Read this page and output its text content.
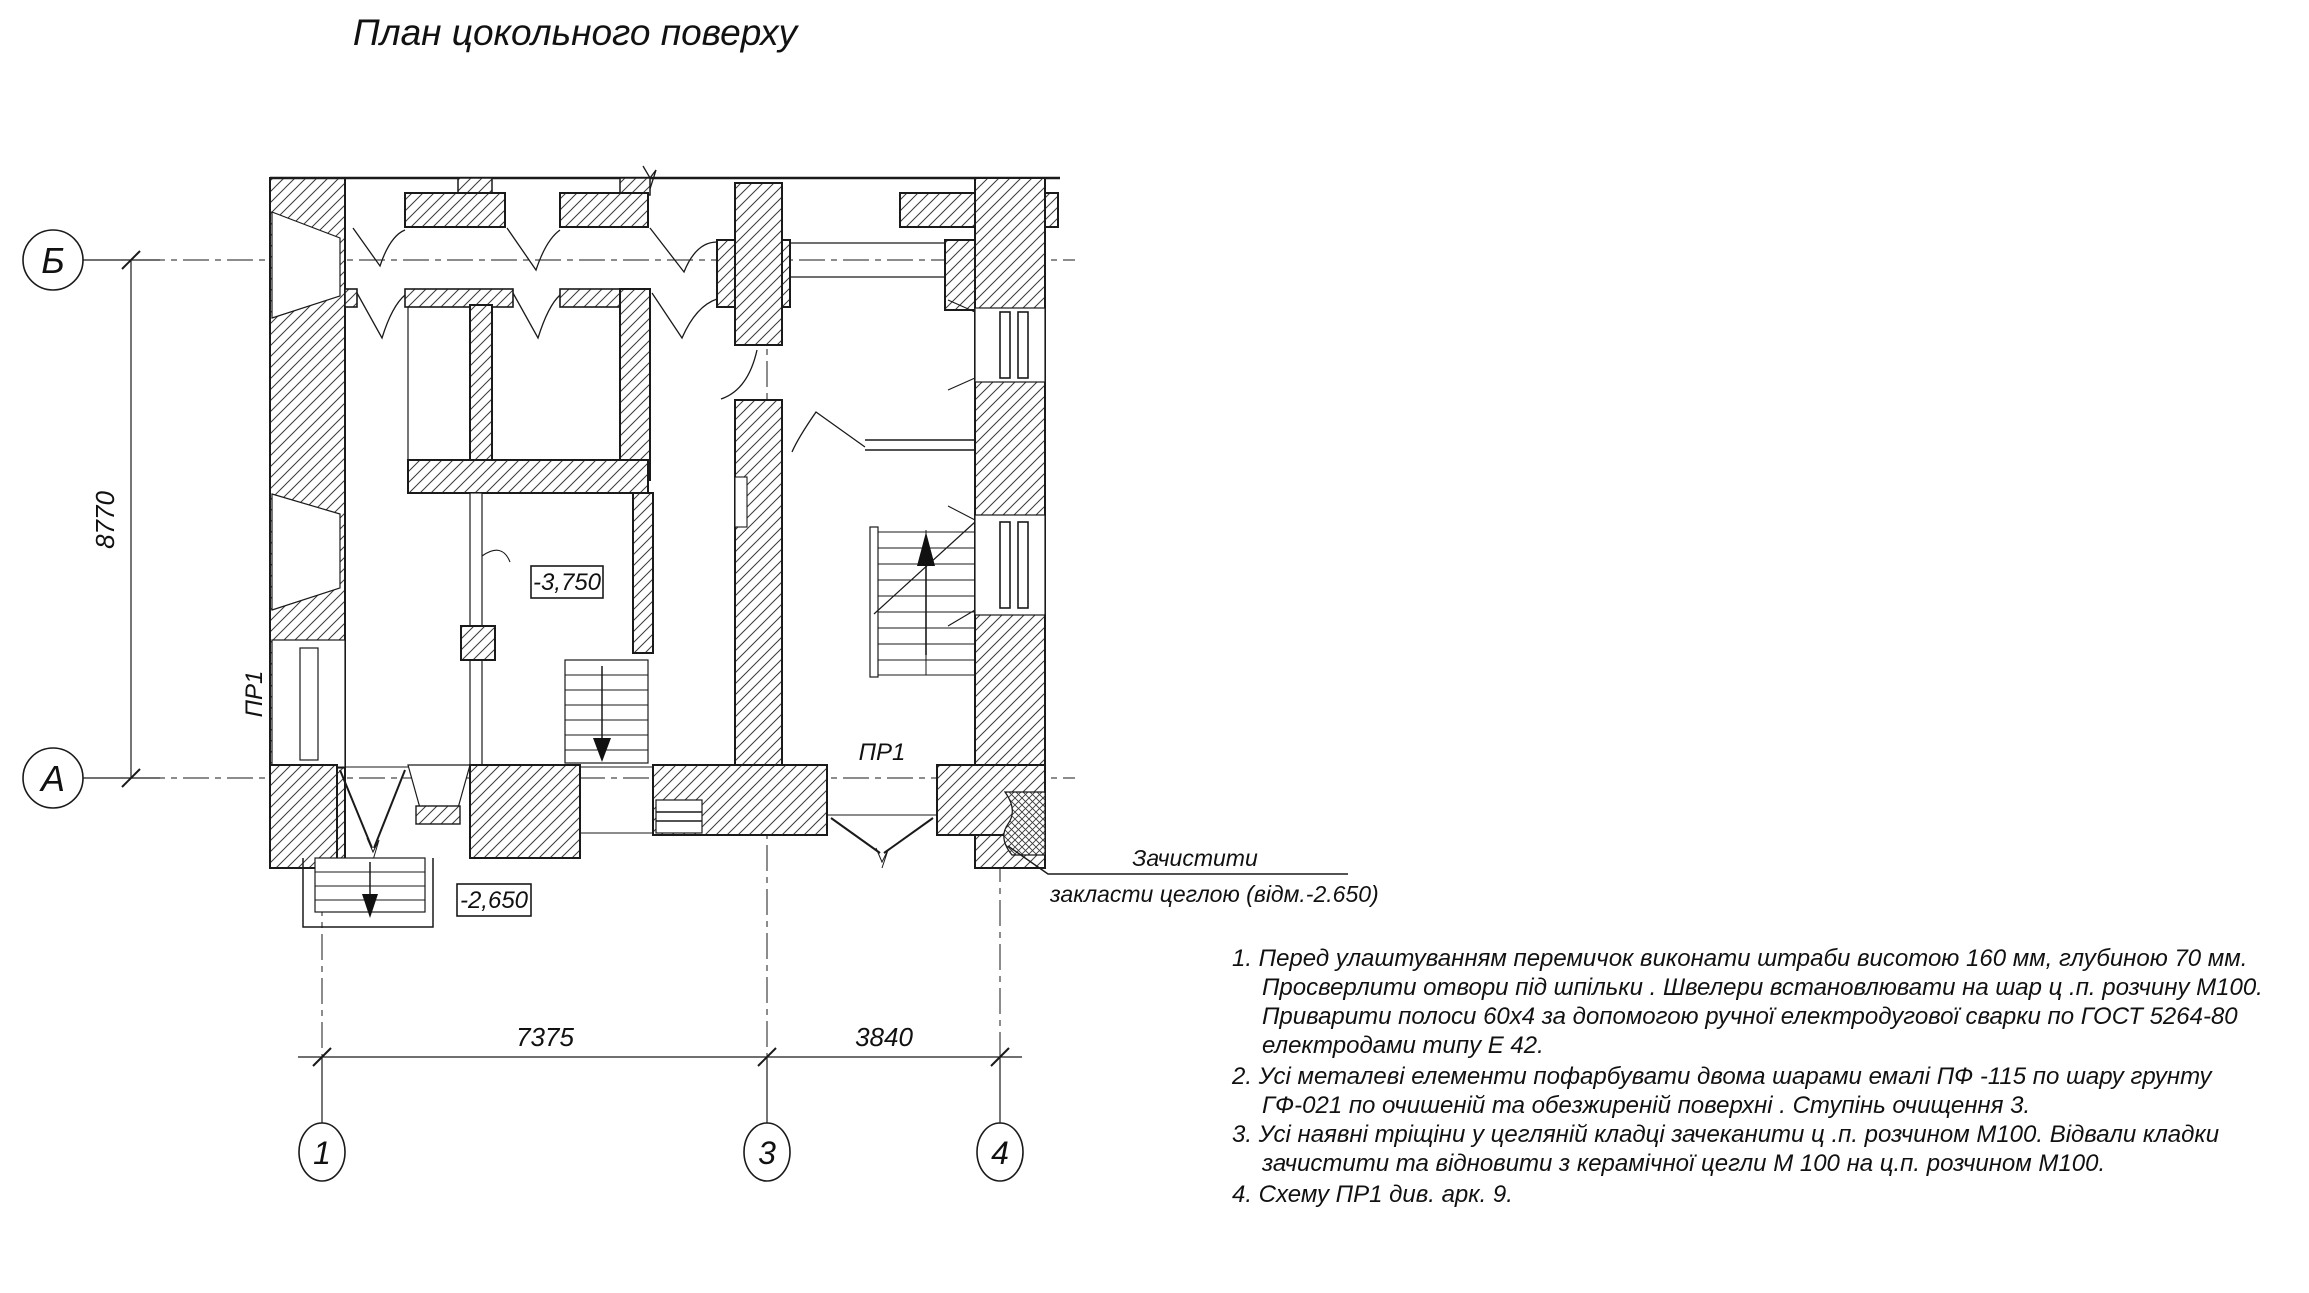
План цокольного поверху
Б
А
1	3	4
8770
7375	3840
-3,750
-2,650
ПР1
ПР1
Зачистити
закласти цеглою (відм.-2.650)
1. Перед улаштуванням перемичок виконати штраби висотою 160 мм, глубиною 70 мм.
Просверлити отвори під шпільки . Швелери встановлювати на шар ц .п. розчину М100.
Приварити полоси 60х4 за допомогою ручної електродугової сварки по ГОСТ 5264-80
електродами типу Е 42.
2. Усі металеві елементи пофарбувати двома шарами емалі ПФ -115 по шару грунту
ГФ-021 по очишеній та обезжиреній поверхні . Ступінь очищення 3.
3. Усі наявні тріщіни у цегляній кладці зачеканити ц .п. розчином М100. Відвали кладки
зачистити та відновити з керамічної цегли М 100 на ц.п. розчином М100.
4. Схему ПР1 див. арк. 9.
